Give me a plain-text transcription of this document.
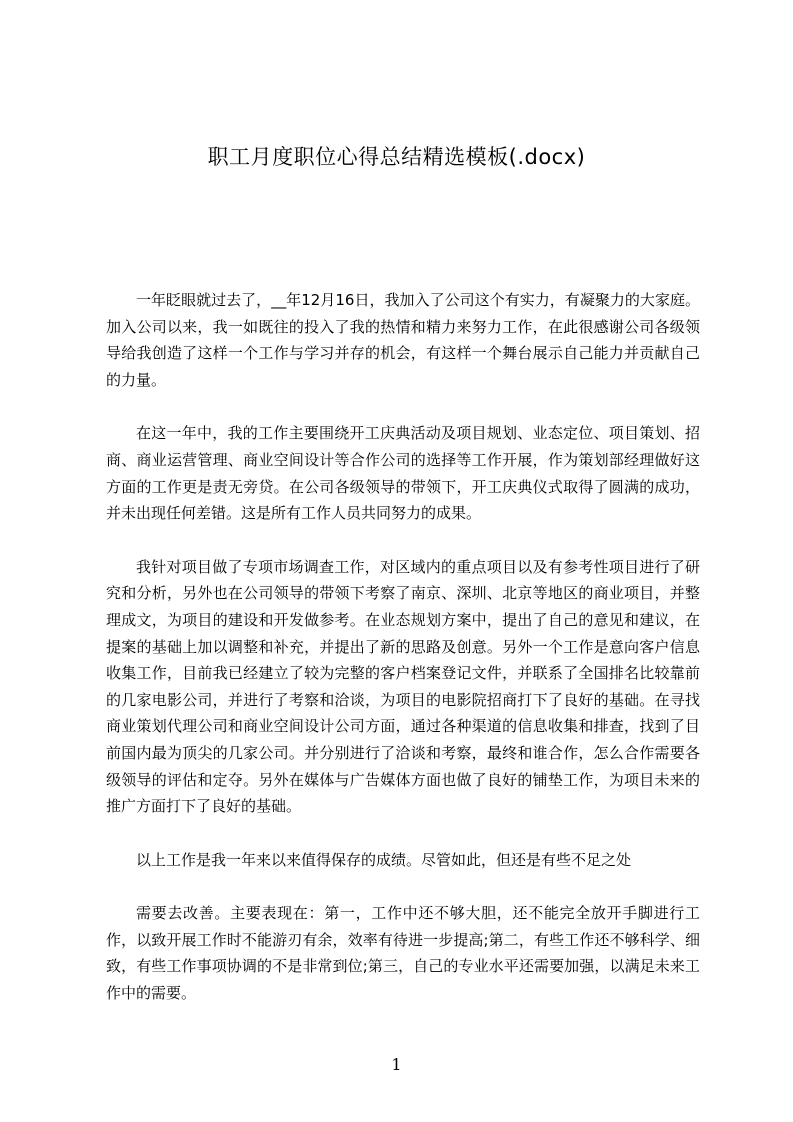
职工月度职位心得总结精选模板(.docx)

一年眨眼就过去了，__年12月16日，我加入了公司这个有实力，有凝聚力的大家庭。加入公司以来，我一如既往的投入了我的热情和精力来努力工作，在此很感谢公司各级领导给我创造了这样一个工作与学习并存的机会，有这样一个舞台展示自己能力并贡献自己的力量。

在这一年中，我的工作主要围绕开工庆典活动及项目规划、业态定位、项目策划、招商、商业运营管理、商业空间设计等合作公司的选择等工作开展，作为策划部经理做好这方面的工作更是责无旁贷。在公司各级领导的带领下，开工庆典仪式取得了圆满的成功，并未出现任何差错。这是所有工作人员共同努力的成果。

我针对项目做了专项市场调查工作，对区域内的重点项目以及有参考性项目进行了研究和分析，另外也在公司领导的带领下考察了南京、深圳、北京等地区的商业项目，并整理成文，为项目的建设和开发做参考。在业态规划方案中，提出了自己的意见和建议，在提案的基础上加以调整和补充，并提出了新的思路及创意。另外一个工作是意向客户信息收集工作，目前我已经建立了较为完整的客户档案登记文件，并联系了全国排名比较靠前的几家电影公司，并进行了考察和洽谈，为项目的电影院招商打下了良好的基础。在寻找商业策划代理公司和商业空间设计公司方面，通过各种渠道的信息收集和排查，找到了目前国内最为顶尖的几家公司。并分别进行了洽谈和考察，最终和谁合作，怎么合作需要各级领导的评估和定夺。另外在媒体与广告媒体方面也做了良好的铺垫工作，为项目未来的推广方面打下了良好的基础。

以上工作是我一年来以来值得保存的成绩。尽管如此，但还是有些不足之处

需要去改善。主要表现在：第一，工作中还不够大胆，还不能完全放开手脚进行工作，以致开展工作时不能游刃有余，效率有待进一步提高;第二，有些工作还不够科学、细致，有些工作事项协调的不是非常到位;第三，自己的专业水平还需要加强，以满足未来工作中的需要。

1
